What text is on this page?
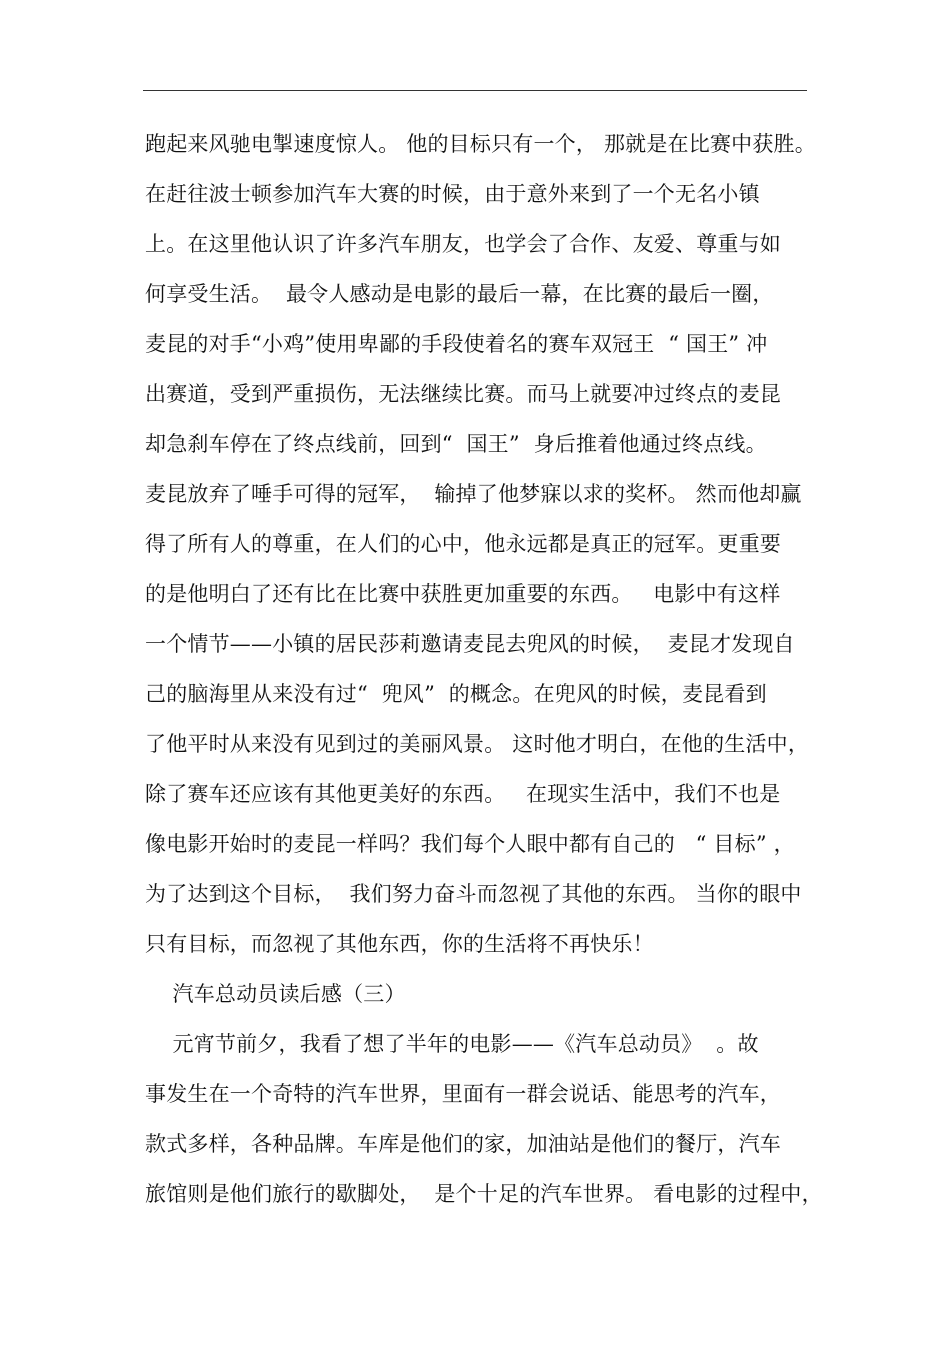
跑起来风驰电掣速度惊人。 他的目标只有一个， 那就是在比赛中获胜。
在赶往波士顿参加汽车大赛的时候，由于意外来到了一个无名小镇
上。在这里他认识了许多汽车朋友，也学会了合作、友爱、尊重与如
何享受生活。  最令人感动是电影的最后一幕，在比赛的最后一圈，
麦昆的对手“小鸡”使用卑鄙的手段使着名的赛车双冠王  “ 国王” 冲
出赛道，受到严重损伤，无法继续比赛。而马上就要冲过终点的麦昆
却急刹车停在了终点线前，回到“  国王”  身后推着他通过终点线。
麦昆放弃了唾手可得的冠军，  输掉了他梦寐以求的奖杯。 然而他却赢
得了所有人的尊重，在人们的心中，他永远都是真正的冠军。更重要
的是他明白了还有比在比赛中获胜更加重要的东西。   电影中有这样
一个情节——小镇的居民莎莉邀请麦昆去兜风的时候，  麦昆才发现自
己的脑海里从来没有过“  兜风”  的概念。在兜风的时候，麦昆看到
了他平时从来没有见到过的美丽风景。 这时他才明白，在他的生活中，
除了赛车还应该有其他更美好的东西。   在现实生活中，我们不也是
像电影开始时的麦昆一样吗？我们每个人眼中都有自己的   “ 目标” ，
为了达到这个目标，  我们努力奋斗而忽视了其他的东西。 当你的眼中
只有目标，而忽视了其他东西，你的生活将不再快乐！
汽车总动员读后感（三）
元宵节前夕，我看了想了半年的电影——《汽车总动员》  。故
事发生在一个奇特的汽车世界，里面有一群会说话、能思考的汽车，
款式多样，各种品牌。车库是他们的家，加油站是他们的餐厅，汽车
旅馆则是他们旅行的歇脚处，  是个十足的汽车世界。 看电影的过程中，
